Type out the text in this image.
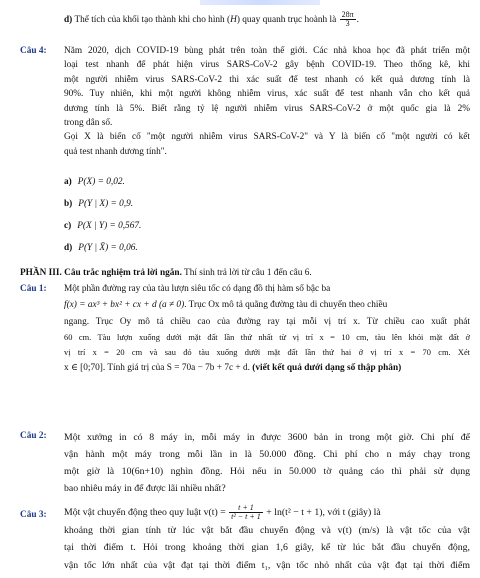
d) Thể tích của khối tạo thành khi cho hình (H) quay quanh trục hoành là $\frac{28\pi}{3}$ .
Câu 4: Năm 2020, dịch COVID-19 bùng phát trên toàn thế giới. Các nhà khoa học đã phát triển một
loại test nhanh để phát hiện virus SARS-CoV-2 gây bệnh COVID-19. Theo thống kê, khi
một người nhiễm virus SARS-CoV-2 thì xác suất để test nhanh có kết quả dương tính là
90%. Tuy nhiên, khi một người không nhiễm virus, xác suất để test nhanh vẫn cho kết quả
dương tính là 5%. Biết rằng tỷ lệ người nhiễm virus SARS-CoV-2 ở một quốc gia là 2%
trong dân số.
Gọi X là biến cố "một người nhiễm virus SARS-CoV-2" và Y là biến cố "một người có kết
quả test nhanh dương tính".
a) P(X) = 0,02.
b) P(Y | X) = 0,9.
c) P(X | Y) = 0,567.
d) P(Y | X̄) = 0,06.
PHẦN III. Câu trắc nghiệm trả lời ngắn. Thí sinh trả lời từ câu 1 đến câu 6.
Câu 1: Một phần đường ray của tàu lượn siêu tốc có dạng đồ thị hàm số bậc ba
f(x) = ax³ + bx² + cx + d (a ≠ 0). Trục Ox mô tả quãng đường tàu di chuyển theo chiều
ngang. Trục Oy mô tả chiều cao của đường ray tại mỗi vị trí x. Từ chiều cao xuất phát
60 cm. Tàu lượn xuống dưới mặt đất lần thứ nhất từ vị trí x = 10 cm, tàu lên khỏi mặt đất ở
vị trí x = 20 cm và sau đó tàu xuống dưới mặt đất lần thứ hai ở vị trí x = 70 cm. Xét
x ∈ [0;70]. Tính giá trị của S = 70a − 7b + 7c + d. (viết kết quả dưới dạng số thập phân)
Câu 2: Một xưởng in có 8 máy in, mỗi máy in được 3600 bản in trong một giờ. Chi phí để
vận hành một máy trong mỗi lần in là 50.000 đồng. Chi phí cho n máy chạy trong
một giờ là 10(6n+10) nghìn đồng. Hỏi nếu in 50.000 tờ quảng cáo thì phải sử dụng
bao nhiêu máy in để được lãi nhiều nhất?
Câu 3: Một vật chuyển động theo quy luật $v(t) = \frac{t + 1}{\text{t² − t + 1}} + \ln(t^2 - t + 1)$, với t (giây) là
khoảng thời gian tính từ lúc vật bắt đầu chuyển động và v(t) (m/s) là vật tốc của vật
tại thời điểm t. Hỏi trong khoảng thời gian 1,6 giây, kể từ lúc bắt đầu chuyển động,
vận tốc lớn nhất của vật đạt tại thời điểm t₁, vận tốc nhỏ nhất của vật đạt tại thời điểm
